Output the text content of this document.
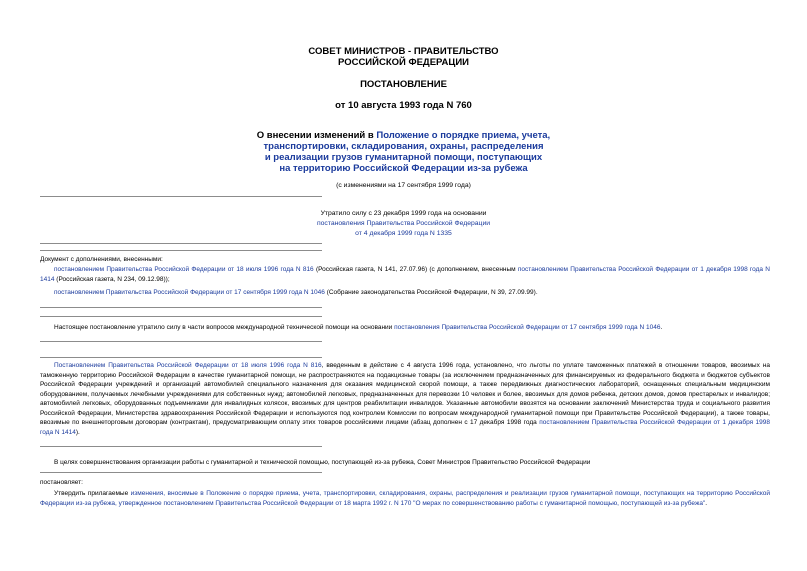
СОВЕТ МИНИСТРОВ - ПРАВИТЕЛЬСТВО
РОССИЙСКОЙ ФЕДЕРАЦИИ
ПОСТАНОВЛЕНИЕ
от 10 августа 1993 года N 760
О внесении изменений в Положение о порядке приема, учета,
транспортировки, складирования, охраны, распределения
и реализации грузов гуманитарной помощи, поступающих
на территорию Российской Федерации из-за рубежа
(с изменениями на 17 сентября 1999 года)
Утратило силу с 23 декабря 1999 года на основании
постановления Правительства Российской Федерации
от 4 декабря 1999 года N 1335
Документ с дополнениями, внесенными:
постановлением Правительства Российской Федерации от 18 июля 1996 года N 816 (Российская газета, N 141, 27.07.96) (с дополнением, внесенным постановлением Правительства Российской Федерации от 1 декабря 1998 года N 1414 (Российская газета, N 234, 09.12.98));
постановлением Правительства Российской Федерации от 17 сентября 1999 года N 1046 (Собрание законодательства Российской Федерации, N 39, 27.09.99).
Настоящее постановление утратило силу в части вопросов международной технической помощи на основании постановления Правительства Российской Федерации от 17 сентября 1999 года N 1046.
Постановлением Правительства Российской Федерации от 18 июля 1996 года N 816, введенным в действие с 4 августа 1996 года, установлено, что льготы по уплате таможенных платежей в отношении товаров, ввозимых на таможенную территорию Российской Федерации в качестве гуманитарной помощи, не распространяются на подакцизные товары (за исключением предназначенных для финансируемых из федерального бюджета и бюджетов субъектов Российской Федерации учреждений и организаций автомобилей специального назначения для оказания медицинской скорой помощи, а также передвижных диагностических лабораторий, оснащенных специальным медицинским оборудованием, получаемых лечебными учреждениями для собственных нужд; автомобилей легковых, предназначенных для перевозки 10 человек и более, ввозимых для домов ребенка, детских домов, домов престарелых и инвалидов; автомобилей легковых, оборудованных подъемниками для инвалидных колясок, ввозимых для центров реабилитации инвалидов. Указанные автомобили ввозятся на основании заключений Министерства труда и социального развития Российской Федерации, Министерства здравоохранения Российской Федерации и используются под контролем Комиссии по вопросам международной гуманитарной помощи при Правительстве Российской Федерации), а также товары, ввозимые по внешнеторговым договорам (контрактам), предусматривающим оплату этих товаров российскими лицами (абзац дополнен с 17 декабря 1998 года постановлением Правительства Российской Федерации от 1 декабря 1998 года N 1414).
В целях совершенствования организации работы с гуманитарной и технической помощью, поступающей из-за рубежа, Совет Министров Правительство Российской Федерации
постановляет:
Утвердить прилагаемые изменения, вносимые в Положение о порядке приема, учета, транспортировки, складирования, охраны, распределения и реализации грузов гуманитарной помощи, поступающих на территорию Российской Федерации из-за рубежа, утвержденное постановлением Правительства Российской Федерации от 18 марта 1992 г. N 170 "О мерах по совершенствованию работы с гуманитарной помощью, поступающей из-за рубежа".
